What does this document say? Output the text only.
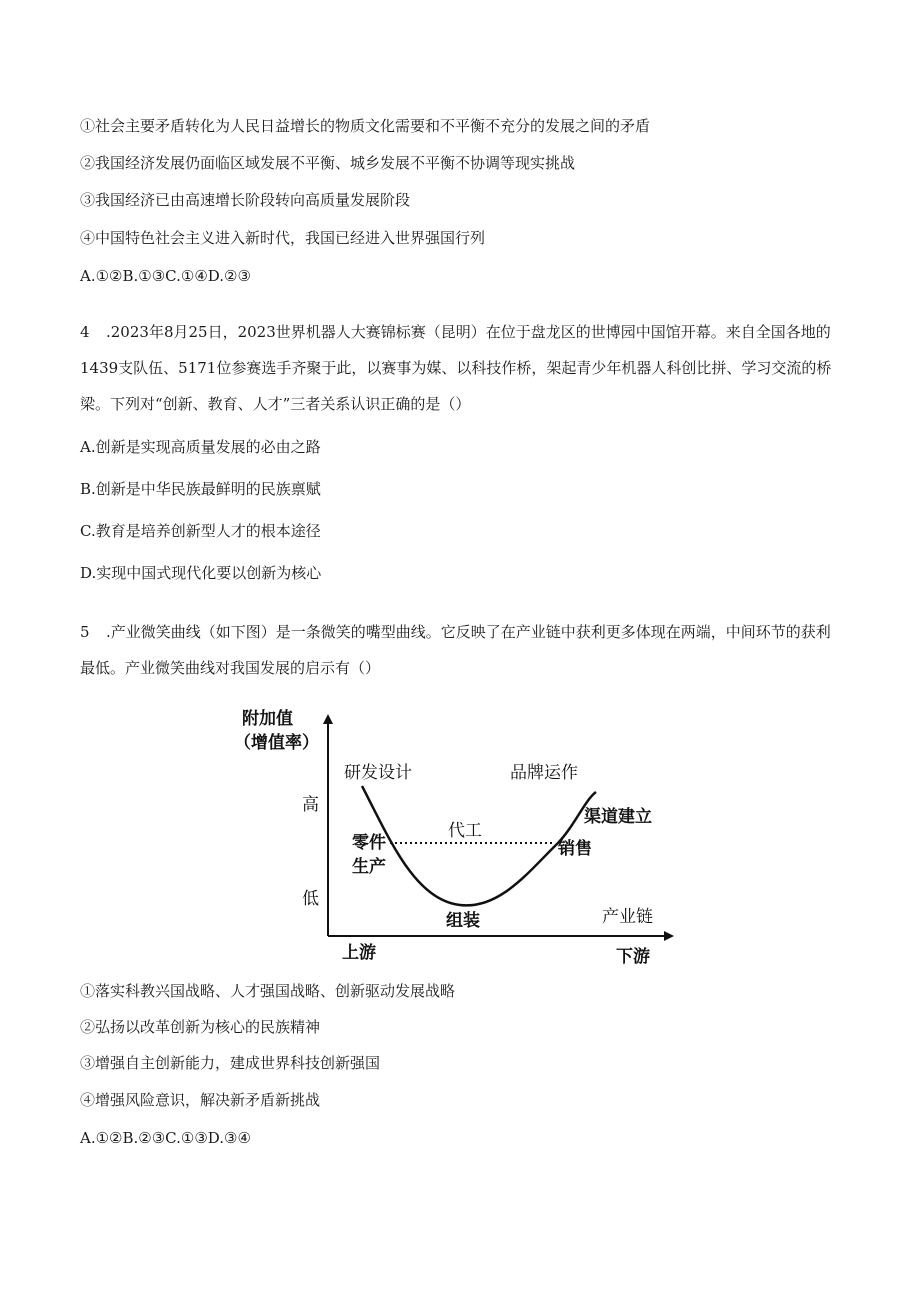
①社会主要矛盾转化为人民日益增长的物质文化需要和不平衡不充分的发展之间的矛盾
②我国经济发展仍面临区域发展不平衡、城乡发展不平衡不协调等现实挑战
③我国经济已由高速增长阶段转向高质量发展阶段
④中国特色社会主义进入新时代，我国已经进入世界强国行列
A.①②B.①③C.①④D.②③
4 .2023年8月25日，2023世界机器人大赛锦标赛（昆明）在位于盘龙区的世博园中国馆开幕。来自全国各地的1439支队伍、5171位参赛选手齐聚于此，以赛事为媒、以科技作桥，架起青少年机器人科创比拼、学习交流的桥梁。下列对“创新、教育、人才”三者关系认识正确的是（）
A.创新是实现高质量发展的必由之路
B.创新是中华民族最鲜明的民族禀赋
C.教育是培养创新型人才的根本途径
D.实现中国式现代化要以创新为核心
5 .产业微笑曲线（如下图）是一条微笑的嘴型曲线。它反映了在产业链中获利更多体现在两端，中间环节的获利最低。产业微笑曲线对我国发展的启示有（）
附加值
（增值率）
高
低
研发设计	品牌运作
渠道建立
零件
生产
代工
销售
组装	产业链
上游	下游
①落实科教兴国战略、人才强国战略、创新驱动发展战略
②弘扬以改革创新为核心的民族精神
③增强自主创新能力，建成世界科技创新强国
④增强风险意识，解决新矛盾新挑战
A.①②B.②③C.①③D.③④
